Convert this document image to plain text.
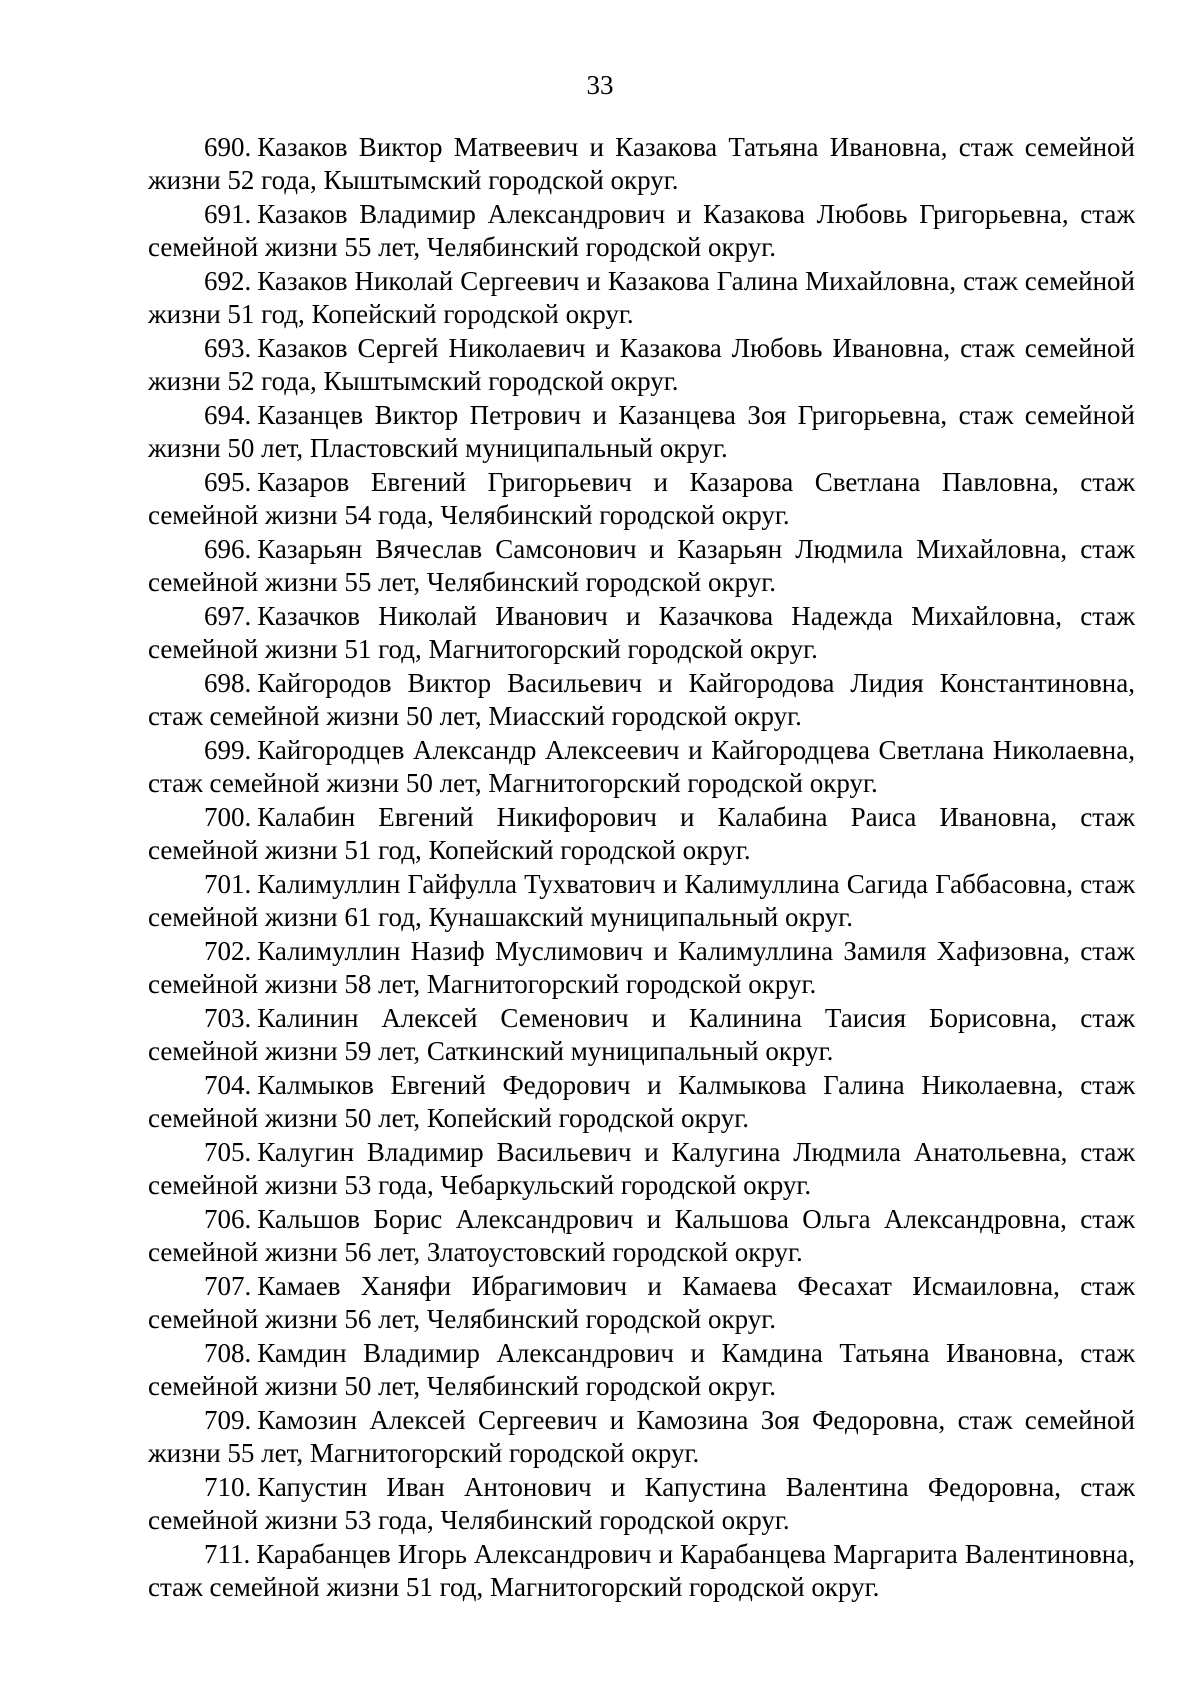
33

690. Казаков Виктор Матвеевич и Казакова Татьяна Ивановна, стаж семейной жизни 52 года, Кыштымский городской округ.

691. Казаков Владимир Александрович и Казакова Любовь Григорьевна, стаж семейной жизни 55 лет, Челябинский городской округ.

692. Казаков Николай Сергеевич и Казакова Галина Михайловна, стаж семейной жизни 51 год, Копейский городской округ.

693. Казаков Сергей Николаевич и Казакова Любовь Ивановна, стаж семейной жизни 52 года, Кыштымский городской округ.

694. Казанцев Виктор Петрович и Казанцева Зоя Григорьевна, стаж семейной жизни 50 лет, Пластовский муниципальный округ.

695. Казаров Евгений Григорьевич и Казарова Светлана Павловна, стаж семейной жизни 54 года, Челябинский городской округ.

696. Казарьян Вячеслав Самсонович и Казарьян Людмила Михайловна, стаж семейной жизни 55 лет, Челябинский городской округ.

697. Казачков Николай Иванович и Казачкова Надежда Михайловна, стаж семейной жизни 51 год, Магнитогорский городской округ.

698. Кайгородов Виктор Васильевич и Кайгородова Лидия Константиновна, стаж семейной жизни 50 лет, Миасский городской округ.

699. Кайгородцев Александр Алексеевич и Кайгородцева Светлана Николаевна, стаж семейной жизни 50 лет, Магнитогорский городской округ.

700. Калабин Евгений Никифорович и Калабина Раиса Ивановна, стаж семейной жизни 51 год, Копейский городской округ.

701. Калимуллин Гайфулла Тухватович и Калимуллина Сагида Габбасовна, стаж семейной жизни 61 год, Кунашакский муниципальный округ.

702. Калимуллин Назиф Муслимович и Калимуллина Замиля Хафизовна, стаж семейной жизни 58 лет, Магнитогорский городской округ.

703. Калинин Алексей Семенович и Калинина Таисия Борисовна, стаж семейной жизни 59 лет, Саткинский муниципальный округ.

704. Калмыков Евгений Федорович и Калмыкова Галина Николаевна, стаж семейной жизни 50 лет, Копейский городской округ.

705. Калугин Владимир Васильевич и Калугина Людмила Анатольевна, стаж семейной жизни 53 года, Чебаркульский городской округ.

706. Кальшов Борис Александрович и Кальшова Ольга Александровна, стаж семейной жизни 56 лет, Златоустовский городской округ.

707. Камаев Ханяфи Ибрагимович и Камаева Фесахат Исмаиловна, стаж семейной жизни 56 лет, Челябинский городской округ.

708. Камдин Владимир Александрович и Камдина Татьяна Ивановна, стаж семейной жизни 50 лет, Челябинский городской округ.

709. Камозин Алексей Сергеевич и Камозина Зоя Федоровна, стаж семейной жизни 55 лет, Магнитогорский городской округ.

710. Капустин Иван Антонович и Капустина Валентина Федоровна, стаж семейной жизни 53 года, Челябинский городской округ.

711. Карабанцев Игорь Александрович и Карабанцева Маргарита Валентиновна, стаж семейной жизни 51 год, Магнитогорский городской округ.
